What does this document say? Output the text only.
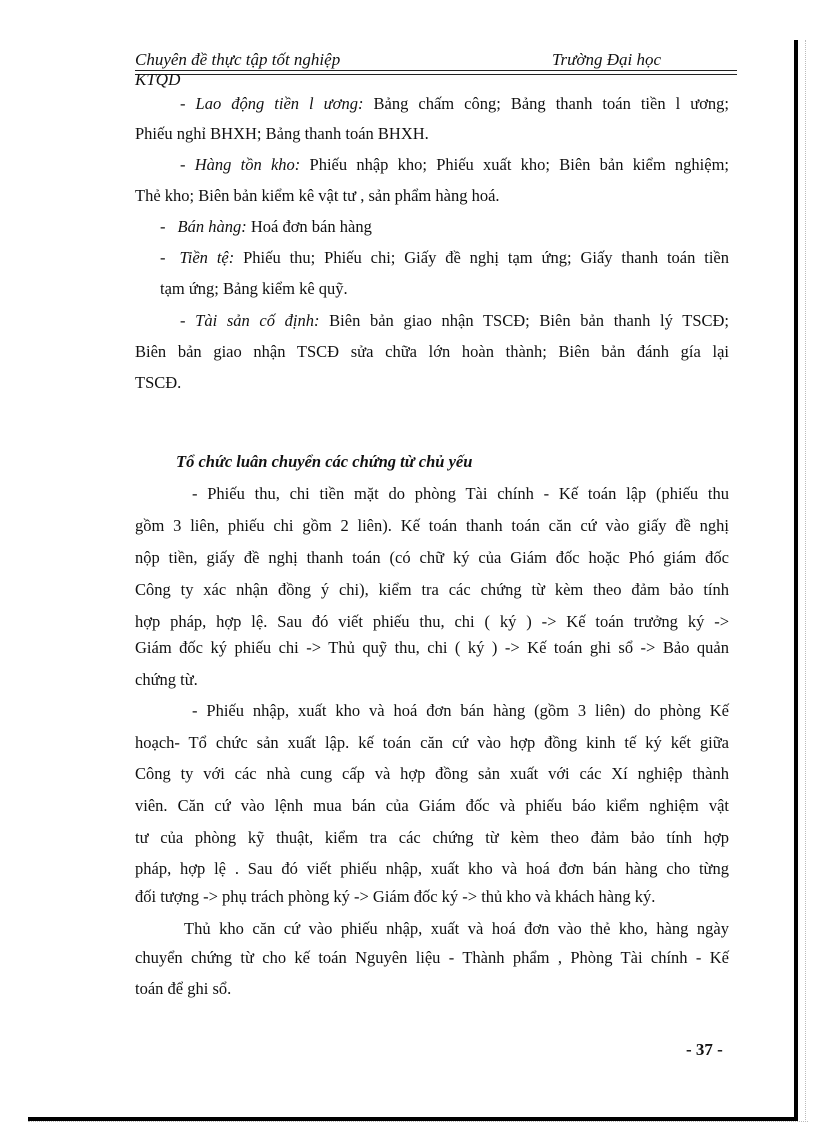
Chuyên đề thực tập tốt nghiệp	Trường Đại học
KTQD
- Lao động tiền l ương: Bảng chấm công; Bảng thanh toán tiền l ương;
Phiếu nghỉ BHXH; Bảng thanh toán BHXH.
- Hàng tồn kho: Phiếu nhập kho; Phiếu xuất kho; Biên bản kiểm nghiệm;
Thẻ kho; Biên bản kiểm kê vật tư , sản phẩm hàng hoá.
- Bán hàng: Hoá đơn bán hàng
- Tiền tệ: Phiếu thu; Phiếu chi; Giấy đề nghị tạm ứng; Giấy thanh toán tiền
tạm ứng; Bảng kiểm kê quỹ.
- Tài sản cố định: Biên bản giao nhận TSCĐ; Biên bản thanh lý TSCĐ;
Biên bản giao nhận TSCĐ sửa chữa lớn hoàn thành; Biên bản đánh gía lại
TSCĐ.
Tổ chức luân chuyển các chứng từ chủ yếu
- Phiếu thu, chi tiền mặt do phòng Tài chính - Kế toán lập (phiếu thu
gồm 3 liên, phiếu chi gồm 2 liên). Kế toán thanh toán căn cứ vào giấy đề nghị
nộp tiền, giấy đề nghị thanh toán (có chữ ký của Giám đốc hoặc Phó giám đốc
Công ty xác nhận đồng ý chi), kiểm tra các chứng từ kèm theo đảm bảo tính
hợp pháp, hợp lệ. Sau đó viết phiếu thu, chi ( ký ) -> Kế toán trưởng ký ->
Giám đốc ký phiếu chi -> Thủ quỹ thu, chi ( ký ) -> Kế toán ghi sổ -> Bảo quản
chứng từ.
- Phiếu nhập, xuất kho và hoá đơn bán hàng (gồm 3 liên) do phòng Kế
hoạch- Tổ chức sản xuất lập. kế toán căn cứ vào hợp đồng kinh tế ký kết giữa
Công ty với các nhà cung cấp và hợp đồng sản xuất với các Xí nghiệp thành
viên. Căn cứ vào lệnh mua bán của Giám đốc và phiếu báo kiểm nghiệm vật
tư của phòng kỹ thuật, kiểm tra các chứng từ kèm theo đảm bảo tính hợp
pháp, hợp lệ . Sau đó viết phiếu nhập, xuất kho và hoá đơn bán hàng cho từng
đối tượng -> phụ trách phòng ký -> Giám đốc ký -> thủ kho và khách hàng ký.
Thủ kho căn cứ vào phiếu nhập, xuất và hoá đơn vào thẻ kho, hàng ngày
chuyển chứng từ cho kế toán Nguyên liệu - Thành phẩm , Phòng Tài chính - Kế
toán để ghi sổ.
- 37 -
